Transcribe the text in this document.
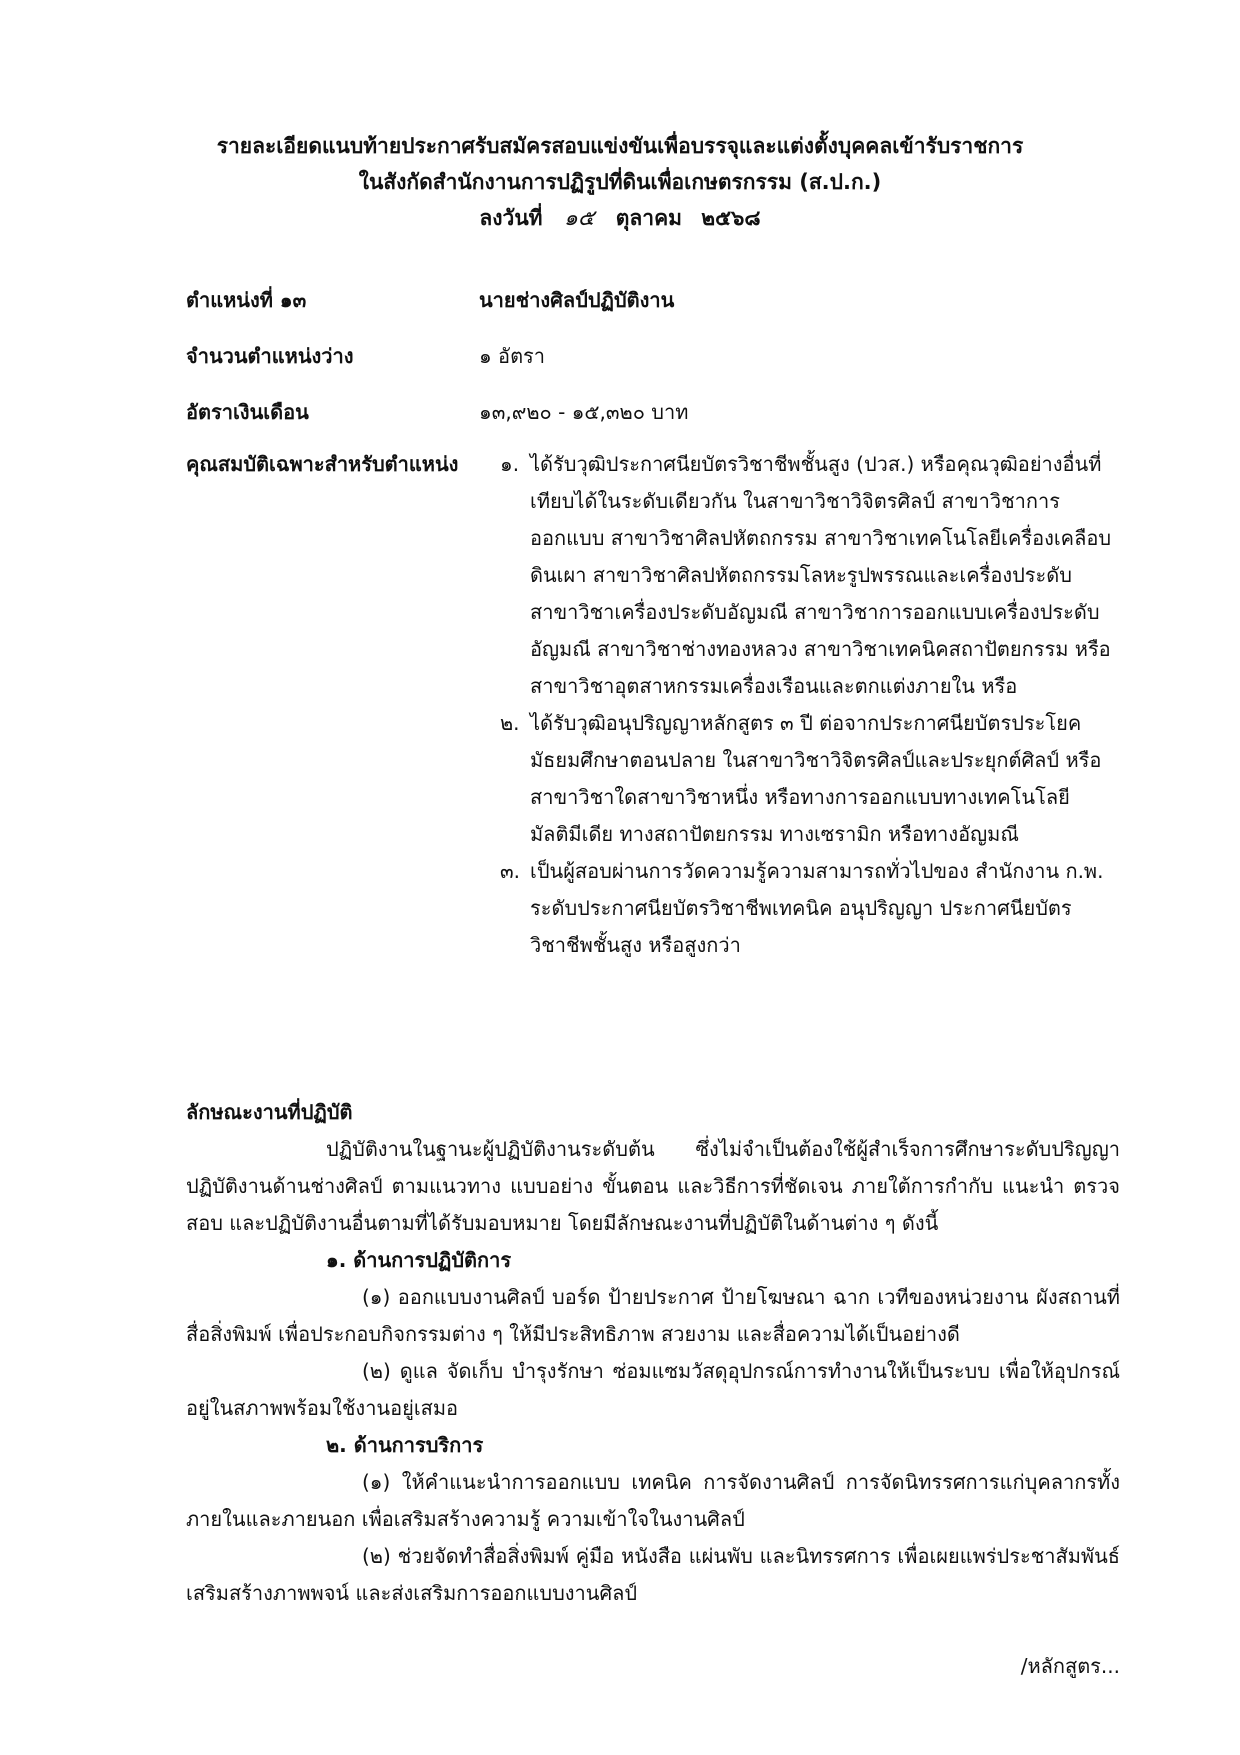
รายละเอียดแนบท้ายประกาศรับสมัครสอบแข่งขันเพื่อบรรจุและแต่งตั้งบุคคลเข้ารับราชการ
ในสังกัดสำนักงานการปฏิรูปที่ดินเพื่อเกษตรกรรม (ส.ป.ก.)
ลงวันที่ ๑๕ ตุลาคม ๒๕๖๘
ตำแหน่งที่ ๑๓	นายช่างศิลป์ปฏิบัติงาน
จำนวนตำแหน่งว่าง	๑ อัตรา
อัตราเงินเดือน	๑๓,๙๒๐ - ๑๕,๓๒๐ บาท
คุณสมบัติเฉพาะสำหรับตำแหน่ง ๑. ได้รับวุฒิประกาศนียบัตรวิชาชีพชั้นสูง (ปวส.) หรือคุณวุฒิอย่างอื่นที่เทียบได้ในระดับเดียวกัน ในสาขาวิชาวิจิตรศิลป์ สาขาวิชาการออกแบบ สาขาวิชาศิลปหัตถกรรม สาขาวิชาเทคโนโลยีเครื่องเคลือบดินเผา สาขาวิชาศิลปหัตถกรรมโลหะรูปพรรณและเครื่องประดับ สาขาวิชาเครื่องประดับอัญมณี สาขาวิชาการออกแบบเครื่องประดับอัญมณี สาขาวิชาช่างทองหลวง สาขาวิชาเทคนิคสถาปัตยกรรม หรือสาขาวิชาอุตสาหกรรมเครื่องเรือนและตกแต่งภายใน หรือ
๒. ได้รับวุฒิอนุปริญญาหลักสูตร ๓ ปี ต่อจากประกาศนียบัตรประโยคมัธยมศึกษาตอนปลาย ในสาขาวิชาวิจิตรศิลป์และประยุกต์ศิลป์ หรือสาขาวิชาใดสาขาวิชาหนึ่ง หรือทางการออกแบบทางเทคโนโลยีมัลติมีเดีย ทางสถาปัตยกรรม ทางเซรามิก หรือทางอัญมณี
๓. เป็นผู้สอบผ่านการวัดความรู้ความสามารถทั่วไปของ สำนักงาน ก.พ. ระดับประกาศนียบัตรวิชาชีพเทคนิค อนุปริญญา ประกาศนียบัตรวิชาชีพชั้นสูง หรือสูงกว่า
ลักษณะงานที่ปฏิบัติ
ปฏิบัติงานในฐานะผู้ปฏิบัติงานระดับต้น ซึ่งไม่จำเป็นต้องใช้ผู้สำเร็จการศึกษาระดับปริญญา ปฏิบัติงานด้านช่างศิลป์ ตามแนวทาง แบบอย่าง ขั้นตอน และวิธีการที่ชัดเจน ภายใต้การกำกับ แนะนำ ตรวจสอบ และปฏิบัติงานอื่นตามที่ได้รับมอบหมาย โดยมีลักษณะงานที่ปฏิบัติในด้านต่าง ๆ ดังนี้
๑. ด้านการปฏิบัติการ
(๑) ออกแบบงานศิลป์ บอร์ด ป้ายประกาศ ป้ายโฆษณา ฉาก เวทีของหน่วยงาน ผังสถานที่ สื่อสิ่งพิมพ์ เพื่อประกอบกิจกรรมต่าง ๆ ให้มีประสิทธิภาพ สวยงาม และสื่อความได้เป็นอย่างดี
(๒) ดูแล จัดเก็บ บำรุงรักษา ซ่อมแซมวัสดุอุปกรณ์การทำงานให้เป็นระบบ เพื่อให้อุปกรณ์อยู่ในสภาพพร้อมใช้งานอยู่เสมอ
๒. ด้านการบริการ
(๑) ให้คำแนะนำการออกแบบ เทคนิค การจัดงานศิลป์ การจัดนิทรรศการแก่บุคลากรทั้งภายในและภายนอก เพื่อเสริมสร้างความรู้ ความเข้าใจในงานศิลป์
(๒) ช่วยจัดทำสื่อสิ่งพิมพ์ คู่มือ หนังสือ แผ่นพับ และนิทรรศการ เพื่อเผยแพร่ประชาสัมพันธ์เสริมสร้างภาพพจน์ และส่งเสริมการออกแบบงานศิลป์
/หลักสูตร...
